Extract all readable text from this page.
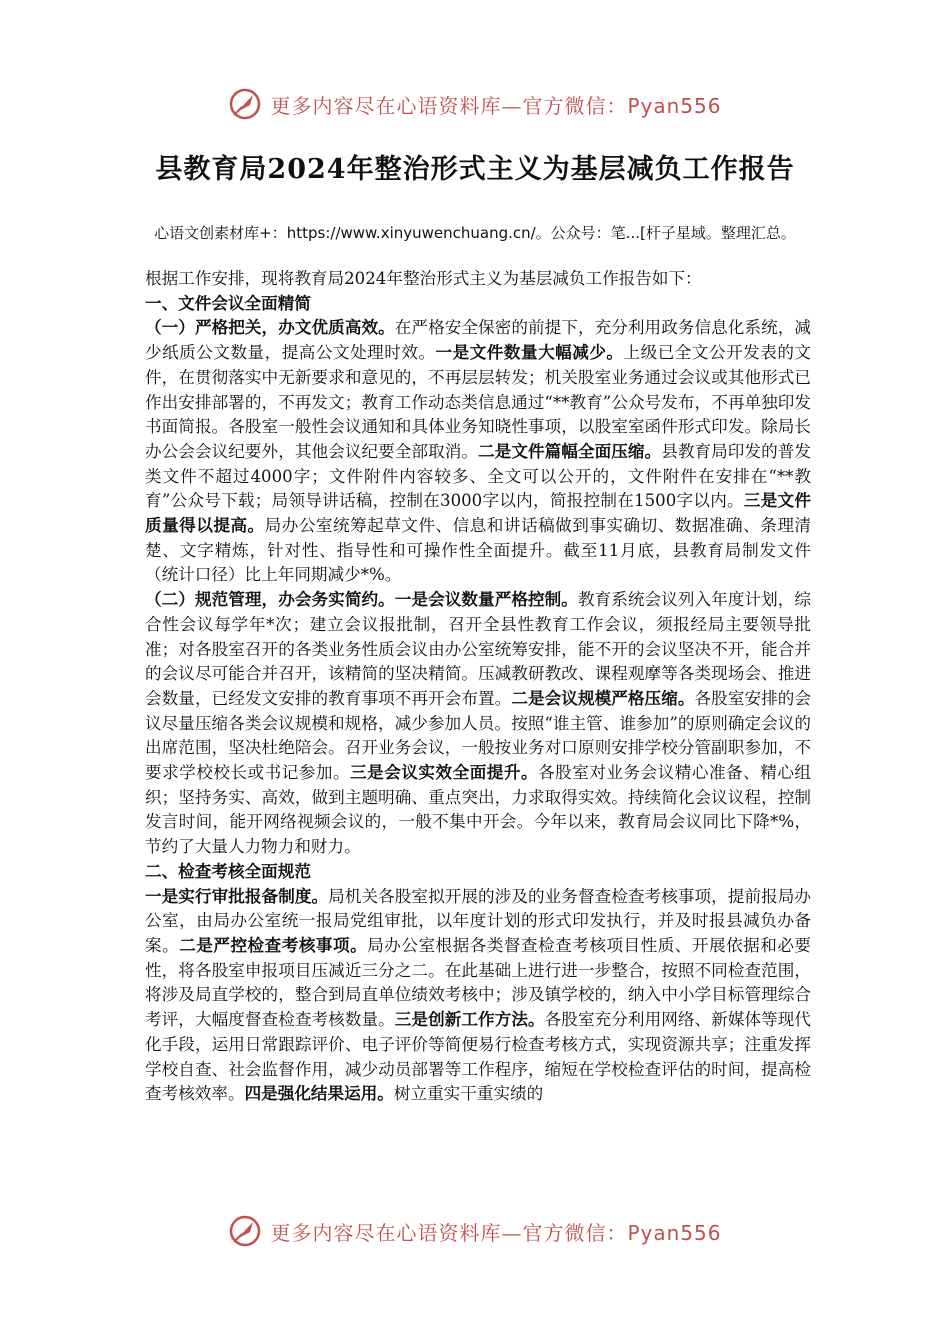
更多内容尽在心语资料库—官方微信：Pyan556
县教育局2024年整治形式主义为基层减负工作报告
心语文创素材库+：https://www.xinyuwenchuang.cn/。公众号：笔...[杆子星域。整理汇总。

根据工作安排，现将教育局2024年整治形式主义为基层减负工作报告如下：

一、文件会议全面精简

（一）严格把关，办文优质高效。在严格安全保密的前提下，充分利用政务信息化系统，减少纸质公文数量，提高公文处理时效。一是文件数量大幅减少。上级已全文公开发表的文件，在贯彻落实中无新要求和意见的，不再层层转发；机关股室业务通过会议或其他形式已作出安排部署的，不再发文；教育工作动态类信息通过“**教育”公众号发布，不再单独印发书面简报。各股室一般性会议通知和具体业务知晓性事项，以股室室函件形式印发。除局长办公会会议纪要外，其他会议纪要全部取消。二是文件篇幅全面压缩。县教育局印发的普发类文件不超过4000字；文件附件内容较多、全文可以公开的，文件附件在安排在“**教育”公众号下载；局领导讲话稿，控制在3000字以内，简报控制在1500字以内。三是文件质量得以提高。局办公室统筹起草文件、信息和讲话稿做到事实确切、数据准确、条理清楚、文字精炼，针对性、指导性和可操作性全面提升。截至11月底，县教育局制发文件（统计口径）比上年同期减少*%。

（二）规范管理，办会务实简约。一是会议数量严格控制。教育系统会议列入年度计划，综合性会议每学年*次；建立会议报批制，召开全县性教育工作会议，须报经局主要领导批准；对各股室召开的各类业务性质会议由办公室统筹安排，能不开的会议坚决不开，能合并的会议尽可能合并召开，该精简的坚决精简。压减教研教改、课程观摩等各类现场会、推进会数量，已经发文安排的教育事项不再开会布置。二是会议规模严格压缩。各股室安排的会议尽量压缩各类会议规模和规格，减少参加人员。按照“谁主管、谁参加”的原则确定会议的出席范围，坚决杜绝陪会。召开业务会议，一般按业务对口原则安排学校分管副职参加，不要求学校校长或书记参加。三是会议实效全面提升。各股室对业务会议精心准备、精心组织；坚持务实、高效，做到主题明确、重点突出，力求取得实效。持续简化会议议程，控制发言时间，能开网络视频会议的，一般不集中开会。今年以来，教育局会议同比下降*%，节约了大量人力物力和财力。

二、检查考核全面规范

一是实行审批报备制度。局机关各股室拟开展的涉及的业务督查检查考核事项，提前报局办公室，由局办公室统一报局党组审批，以年度计划的形式印发执行，并及时报县减负办备案。二是严控检查考核事项。局办公室根据各类督查检查考核项目性质、开展依据和必要性，将各股室申报项目压减近三分之二。在此基础上进行进一步整合，按照不同检查范围，将涉及局直学校的，整合到局直单位绩效考核中；涉及镇学校的，纳入中小学目标管理综合考评，大幅度督查检查考核数量。三是创新工作方法。各股室充分利用网络、新媒体等现代化手段，运用日常跟踪评价、电子评价等简便易行检查考核方式，实现资源共享；注重发挥学校自查、社会监督作用，减少动员部署等工作程序，缩短在学校检查评估的时间，提高检查考核效率。四是强化结果运用。树立重实干重实绩的

更多内容尽在心语资料库—官方微信：Pyan556
